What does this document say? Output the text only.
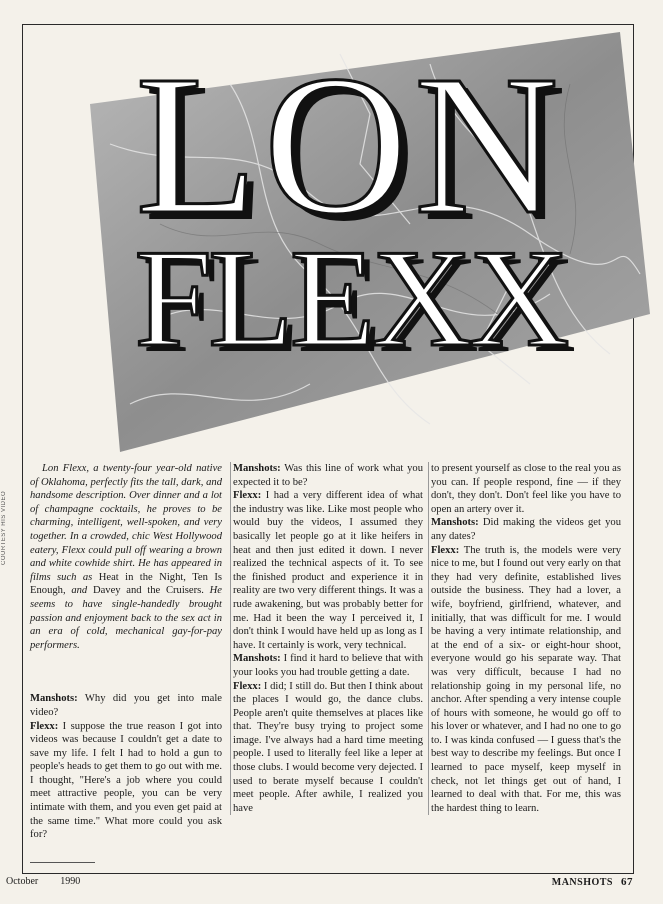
LON
FLEXX
COURTESY HIS VIDEO

Lon Flexx, a twenty-four year-old native of Oklahoma, perfectly fits the tall, dark, and handsome description. Over dinner and a lot of champagne cocktails, he proves to be charming, intelligent, well-spoken, and very together. In a crowded, chic West Hollywood eatery, Flexx could pull off wearing a brown and white cowhide shirt. He has appeared in films such as Heat in the Night, Ten Is Enough, and Davey and the Cruisers. He seems to have single-handedly brought passion and enjoyment back to the sex act in an era of cold, mechanical gay-for-pay performers.

Manshots: Why did you get into male video?

Flexx: I suppose the true reason I got into videos was because I couldn't get a date to save my life. I felt I had to hold a gun to people's heads to get them to go out with me. I thought, "Here's a job where you could meet attractive people, you can be very intimate with them, and you even get paid at the same time." What more could you ask for?

Manshots: Was this line of work what you expected it to be?

Flexx: I had a very different idea of what the industry was like. Like most people who would buy the videos, I assumed they basically let people go at it like heifers in heat and then just edited it down. I never realized the technical aspects of it. To see the finished product and experience it in reality are two very different things. It was a rude awakening, but was probably better for me. Had it been the way I perceived it, I don't think I would have held up as long as I have. It certainly is work, very technical.

Manshots: I find it hard to believe that with your looks you had trouble getting a date.

Flexx: I did; I still do. But then I think about the places I would go, the dance clubs. People aren't quite themselves at places like that. They're busy trying to project some image. I've always had a hard time meeting people. I used to literally feel like a leper at those clubs. I would become very dejected. I used to berate myself because I couldn't meet people. After awhile, I realized you have

to present yourself as close to the real you as you can. If people respond, fine — if they don't, they don't. Don't feel like you have to open an artery over it.

Manshots: Did making the videos get you any dates?

Flexx: The truth is, the models were very nice to me, but I found out very early on that they had very definite, established lives outside the business. They had a lover, a wife, boyfriend, girlfriend, whatever, and initially, that was difficult for me. I would be having a very intimate relationship, and at the end of a six- or eight-hour shoot, everyone would go his separate way. That was very difficult, because I had no relationship going in my personal life, no anchor. After spending a very intense couple of hours with someone, he would go off to his lover or whatever, and I had no one to go to. I was kinda confused — I guess that's the best way to describe my feelings. But once I learned to pace myself, keep myself in check, not let things get out of hand, I learned to deal with that. For me, this was the hardest thing to learn.

October 1990	MANSHOTS 67
